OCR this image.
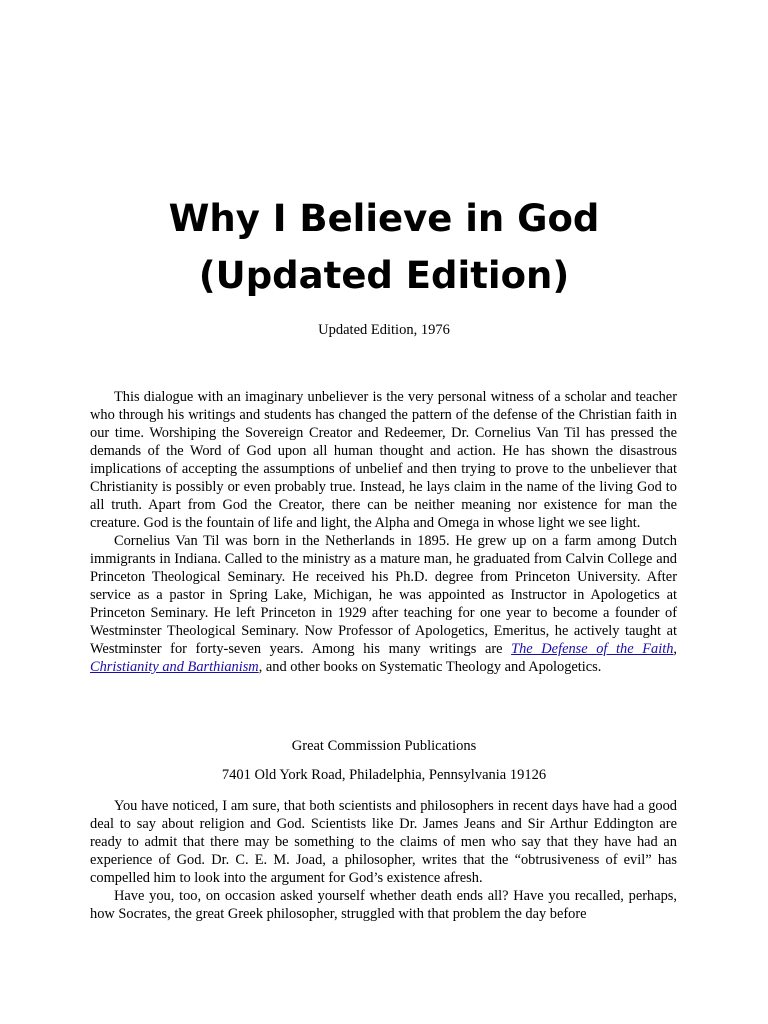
Why I Believe in God
(Updated Edition)

Updated Edition, 1976

This dialogue with an imaginary unbeliever is the very personal witness of a scholar and teacher who through his writings and students has changed the pattern of the defense of the Christian faith in our time. Worshiping the Sovereign Creator and Redeemer, Dr. Cornelius Van Til has pressed the demands of the Word of God upon all human thought and action. He has shown the disastrous implications of accepting the assumptions of unbelief and then trying to prove to the unbeliever that Christianity is possibly or even probably true. Instead, he lays claim in the name of the living God to all truth. Apart from God the Creator, there can be neither meaning nor existence for man the creature. God is the fountain of life and light, the Alpha and Omega in whose light we see light.

Cornelius Van Til was born in the Netherlands in 1895. He grew up on a farm among Dutch immigrants in Indiana. Called to the ministry as a mature man, he graduated from Calvin College and Princeton Theological Seminary. He received his Ph.D. degree from Princeton University. After service as a pastor in Spring Lake, Michigan, he was appointed as Instructor in Apologetics at Princeton Seminary. He left Princeton in 1929 after teaching for one year to become a founder of Westminster Theological Seminary. Now Professor of Apologetics, Emeritus, he actively taught at Westminster for forty-seven years. Among his many writings are The Defense of the Faith, Christianity and Barthianism, and other books on Systematic Theology and Apologetics.

Great Commission Publications

7401 Old York Road, Philadelphia, Pennsylvania 19126

You have noticed, I am sure, that both scientists and philosophers in recent days have had a good deal to say about religion and God. Scientists like Dr. James Jeans and Sir Arthur Eddington are ready to admit that there may be something to the claims of men who say that they have had an experience of God. Dr. C. E. M. Joad, a philosopher, writes that the “obtrusiveness of evil” has compelled him to look into the argument for God’s existence afresh.

Have you, too, on occasion asked yourself whether death ends all? Have you recalled, perhaps, how Socrates, the great Greek philosopher, struggled with that problem the day before
